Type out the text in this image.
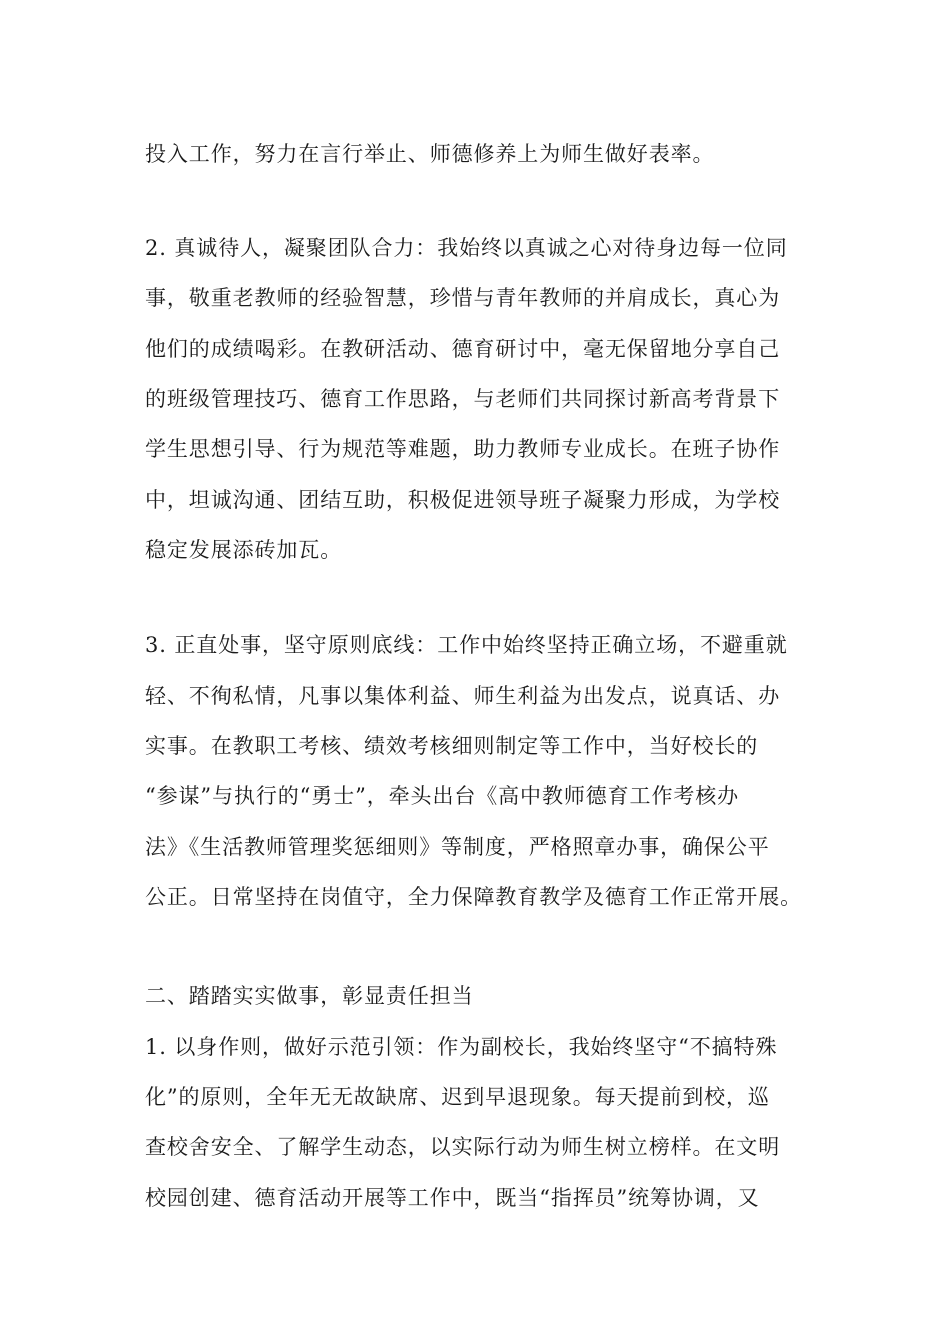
投入工作，努力在言行举止、师德修养上为师生做好表率。
2. 真诚待人，凝聚团队合力：我始终以真诚之心对待身边每一位同
事，敬重老教师的经验智慧，珍惜与青年教师的并肩成长，真心为
他们的成绩喝彩。在教研活动、德育研讨中，毫无保留地分享自己
的班级管理技巧、德育工作思路，与老师们共同探讨新高考背景下
学生思想引导、行为规范等难题，助力教师专业成长。在班子协作
中，坦诚沟通、团结互助，积极促进领导班子凝聚力形成，为学校
稳定发展添砖加瓦。
3. 正直处事，坚守原则底线：工作中始终坚持正确立场，不避重就
轻、不徇私情，凡事以集体利益、师生利益为出发点，说真话、办
实事。在教职工考核、绩效考核细则制定等工作中，当好校长的
“参谋”与执行的“勇士”，牵头出台《高中教师德育工作考核办
法》《生活教师管理奖惩细则》等制度，严格照章办事，确保公平
公正。日常坚持在岗值守，全力保障教育教学及德育工作正常开展。
二、踏踏实实做事，彰显责任担当
1. 以身作则，做好示范引领：作为副校长，我始终坚守“不搞特殊
化”的原则，全年无无故缺席、迟到早退现象。每天提前到校，巡
查校舍安全、了解学生动态，以实际行动为师生树立榜样。在文明
校园创建、德育活动开展等工作中，既当“指挥员”统筹协调，又
